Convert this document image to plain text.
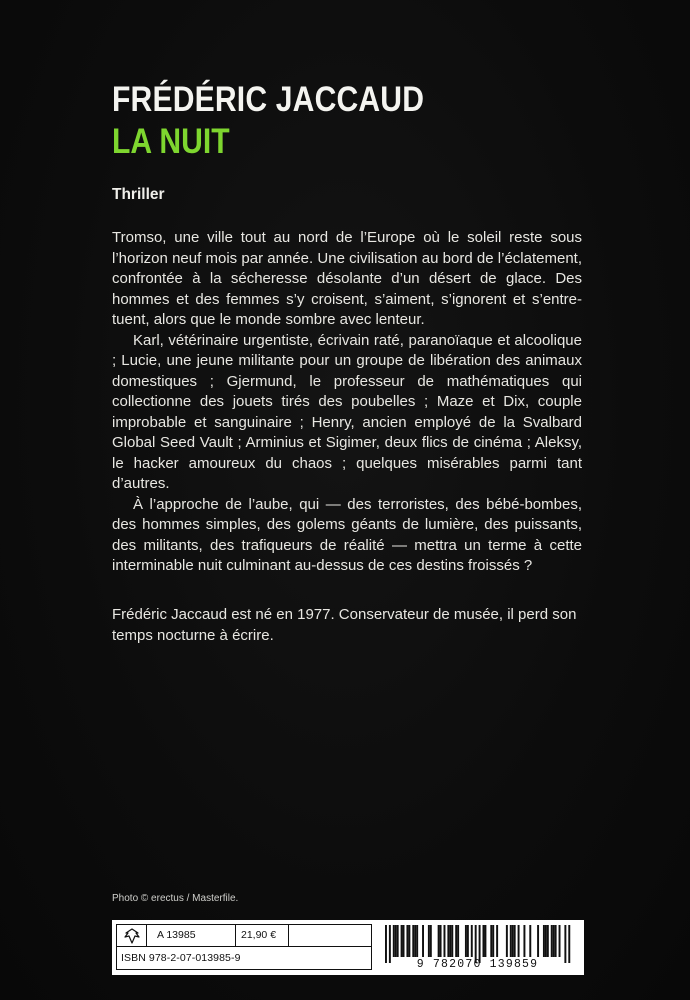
FRÉDÉRIC JACCAUD
LA NUIT
Thriller

Tromso, une ville tout au nord de l’Europe où le soleil reste sous l’horizon neuf mois par année. Une civilisation au bord de l’éclatement, confrontée à la sécheresse désolante d’un désert de glace. Des hommes et des femmes s’y croisent, s’aiment, s’ignorent et s’entre-tuent, alors que le monde sombre avec lenteur.

Karl, vétérinaire urgentiste, écrivain raté, paranoïaque et alcoolique ; Lucie, une jeune militante pour un groupe de libération des animaux domestiques ; Gjermund, le professeur de mathématiques qui collectionne des jouets tirés des poubelles ; Maze et Dix, couple improbable et sanguinaire ; Henry, ancien employé de la Svalbard Global Seed Vault ; Arminius et Sigimer, deux flics de cinéma ; Aleksy, le hacker amoureux du chaos ; quelques misérables parmi tant d’autres.

À l’approche de l’aube, qui — des terroristes, des bébé-bombes, des hommes simples, des golems géants de lumière, des puissants, des militants, des trafiqueurs de réalité — mettra un terme à cette interminable nuit culminant au-dessus de ces destins froissés ?

Frédéric Jaccaud est né en 1977. Conservateur de musée, il perd son temps nocturne à écrire.
Photo © erectus / Masterfile.
A 13985	21,90 €
ISBN 978-2-07-013985-9	9 782070 139859
